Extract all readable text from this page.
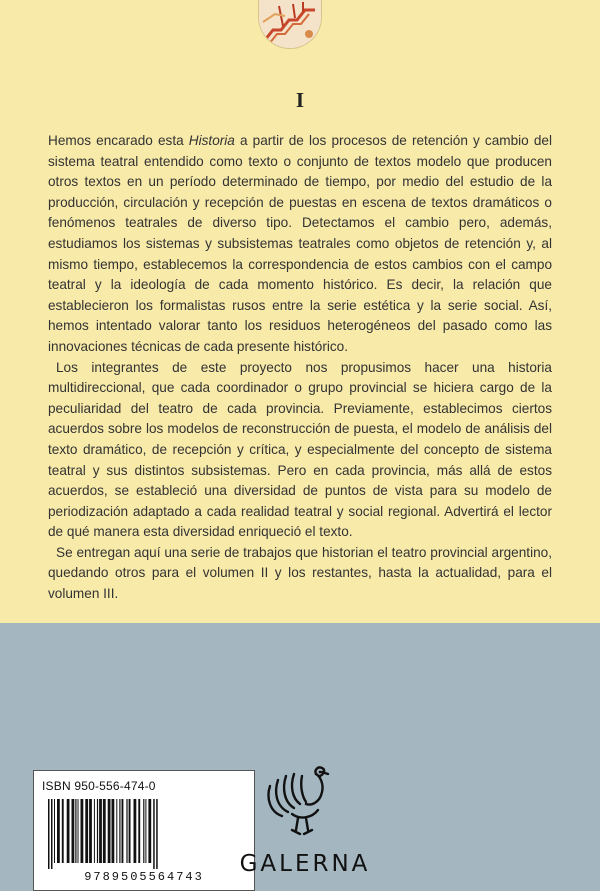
I

Hemos encarado esta Historia a partir de los procesos de retención y cambio del sistema teatral entendido como texto o conjunto de textos modelo que producen otros textos en un período determinado de tiempo, por medio del estudio de la producción, circulación y recepción de puestas en escena de textos dramáticos o fenómenos teatrales de diverso tipo. Detectamos el cambio pero, además, estudiamos los sistemas y subsistemas teatrales como objetos de retención y, al mismo tiempo, establecemos la correspondencia de estos cambios con el campo teatral y la ideología de cada momento histórico. Es decir, la relación que establecieron los formalistas rusos entre la serie estética y la serie social. Así, hemos intentado valorar tanto los residuos heterogéneos del pasado como las innovaciones técnicas de cada presente histórico.

Los integrantes de este proyecto nos propusimos hacer una historia multidireccional, que cada coordinador o grupo provincial se hiciera cargo de la peculiaridad del teatro de cada provincia. Previamente, establecimos ciertos acuerdos sobre los modelos de reconstrucción de puesta, el modelo de análisis del texto dramático, de recepción y crítica, y especialmente del concepto de sistema teatral y sus distintos subsistemas. Pero en cada provincia, más allá de estos acuerdos, se estableció una diversidad de puntos de vista para su modelo de periodización adaptado a cada realidad teatral y social regional. Advertirá el lector de qué manera esta diversidad enriqueció el texto.

Se entregan aquí una serie de trabajos que historian el teatro provincial argentino, quedando otros para el volumen II y los restantes, hasta la actualidad, para el volumen III.

ISBN 950-556-474-0
9789505564743	GALERNA
